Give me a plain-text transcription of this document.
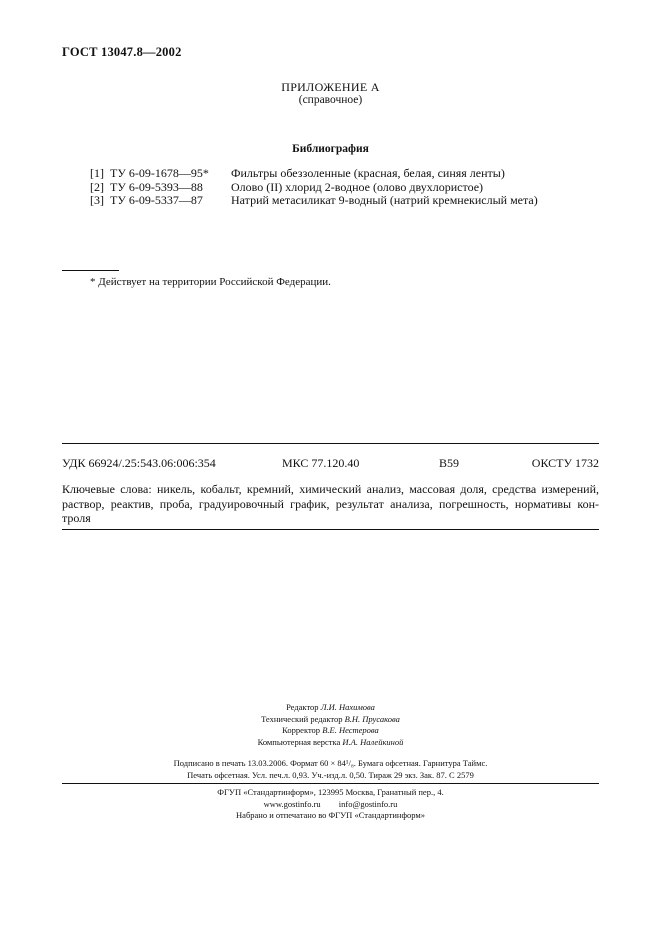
ГОСТ 13047.8—2002
ПРИЛОЖЕНИЕ А
(справочное)
Библиография
[1] ТУ 6-09-1678—95*	Фильтры обеззоленные (красная, белая, синяя ленты)
[2] ТУ 6-09-5393—88	Олово (II) хлорид 2-водное (олово двухлористое)
[3] ТУ 6-09-5337—87	Натрий метасиликат 9-водный (натрий кремнекислый мета)
* Действует на территории Российской Федерации.
УДК 66924/.25:543.06:006:354	МКС 77.120.40	В59	ОКСТУ 1732
Ключевые слова: никель, кобальт, кремний, химический анализ, массовая доля, средства измерений,
раствор, реактив, проба, градуировочный график, результат анализа, погрешность, нормативы кон-
троля
Редактор Л.И. Нахимова
Технический редактор В.Н. Прусакова
Корректор В.Е. Нестерова
Компьютерная верстка И.А. Налейкиной
Подписано в печать 13.03.2006. Формат 60 × 84¹/₈. Бумага офсетная. Гарнитура Таймс.
Печать офсетная. Усл. печ.л. 0,93. Уч.-изд.л. 0,50. Тираж 29 экз. Зак. 87. С 2579
ФГУП «Стандартинформ», 123995 Москва, Гранатный пер., 4.
www.gostinfo.ru info@gostinfo.ru
Набрано и отпечатано во ФГУП «Стандартинформ»
